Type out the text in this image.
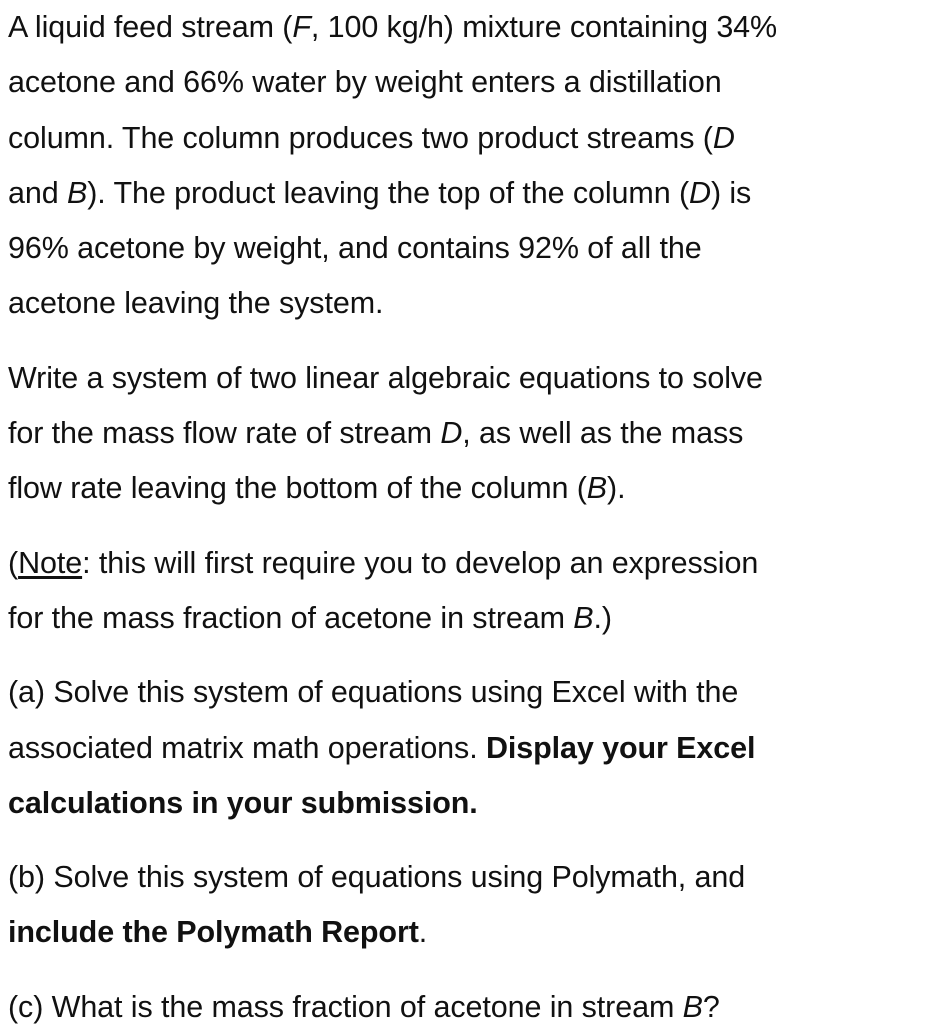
A liquid feed stream (F, 100 kg/h) mixture containing 34%
acetone and 66% water by weight enters a distillation
column. The column produces two product streams (D
and B). The product leaving the top of the column (D) is
96% acetone by weight, and contains 92% of all the
acetone leaving the system.

Write a system of two linear algebraic equations to solve
for the mass flow rate of stream D, as well as the mass
flow rate leaving the bottom of the column (B).

(Note: this will first require you to develop an expression
for the mass fraction of acetone in stream B.)

(a) Solve this system of equations using Excel with the
associated matrix math operations. Display your Excel
calculations in your submission.

(b) Solve this system of equations using Polymath, and
include the Polymath Report.

(c) What is the mass fraction of acetone in stream B?
